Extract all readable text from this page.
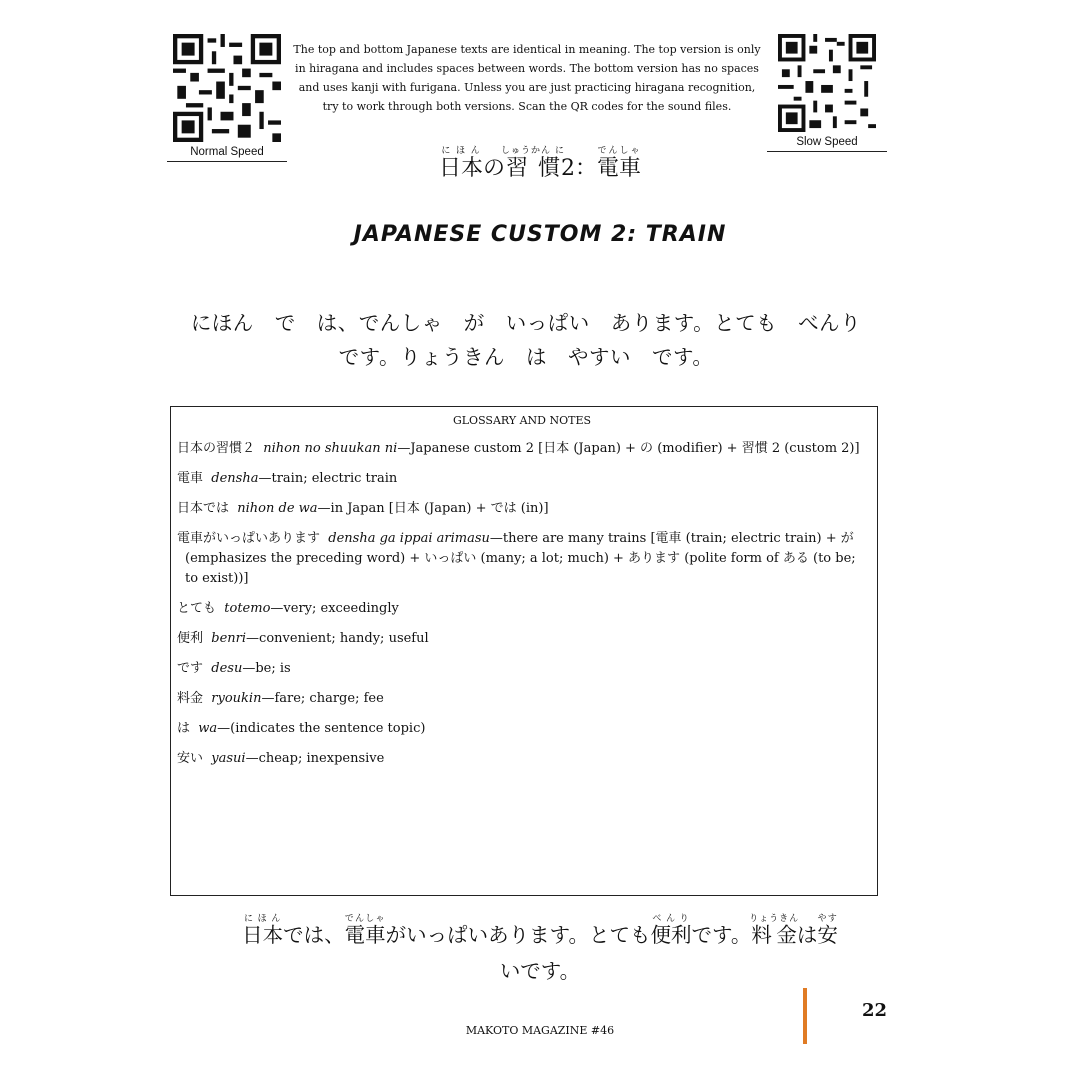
Normal Speed
The top and bottom Japanese texts are identical in meaning. The top version is only in hiragana and includes spaces between words. The bottom version has no spaces and uses kanji with furigana. Unless you are just practicing hiragana recognition, try to work through both versions. Scan the QR codes for the sound files.
Slow Speed
日本にほんの習慣しゅうかん に2：電車でんしゃ
JAPANESE CUSTOM 2: TRAIN
にほん　で　は、でんしゃ　が　いっぱい　あります。とても　べんり　です。りょうきん　は　やすい　です。
GLOSSARY AND NOTES
日本の習慣２ nihon no shuukan ni—Japanese custom 2 [日本 (Japan) + の (modifier) + 習慣 2 (custom 2)]
電車 densha—train; electric train
日本では nihon de wa—in Japan [日本 (Japan) + では (in)]
電車がいっぱいあります densha ga ippai arimasu—there are many trains [電車 (train; electric train) + が (emphasizes the preceding word) + いっぱい (many; a lot; much) + あります (polite form of ある (to be; to exist))]
とても totemo—very; exceedingly
便利 benri—convenient; handy; useful
です desu—be; is
料金 ryoukin—fare; charge; fee
は wa—(indicates the sentence topic)
安い yasui—cheap; inexpensive
日本にほんでは、電車でんしゃがいっぱいあります。とても便利べんりです。料金りょうきんは安やす
いです。
MAKOTO MAGAZINE #46
22
